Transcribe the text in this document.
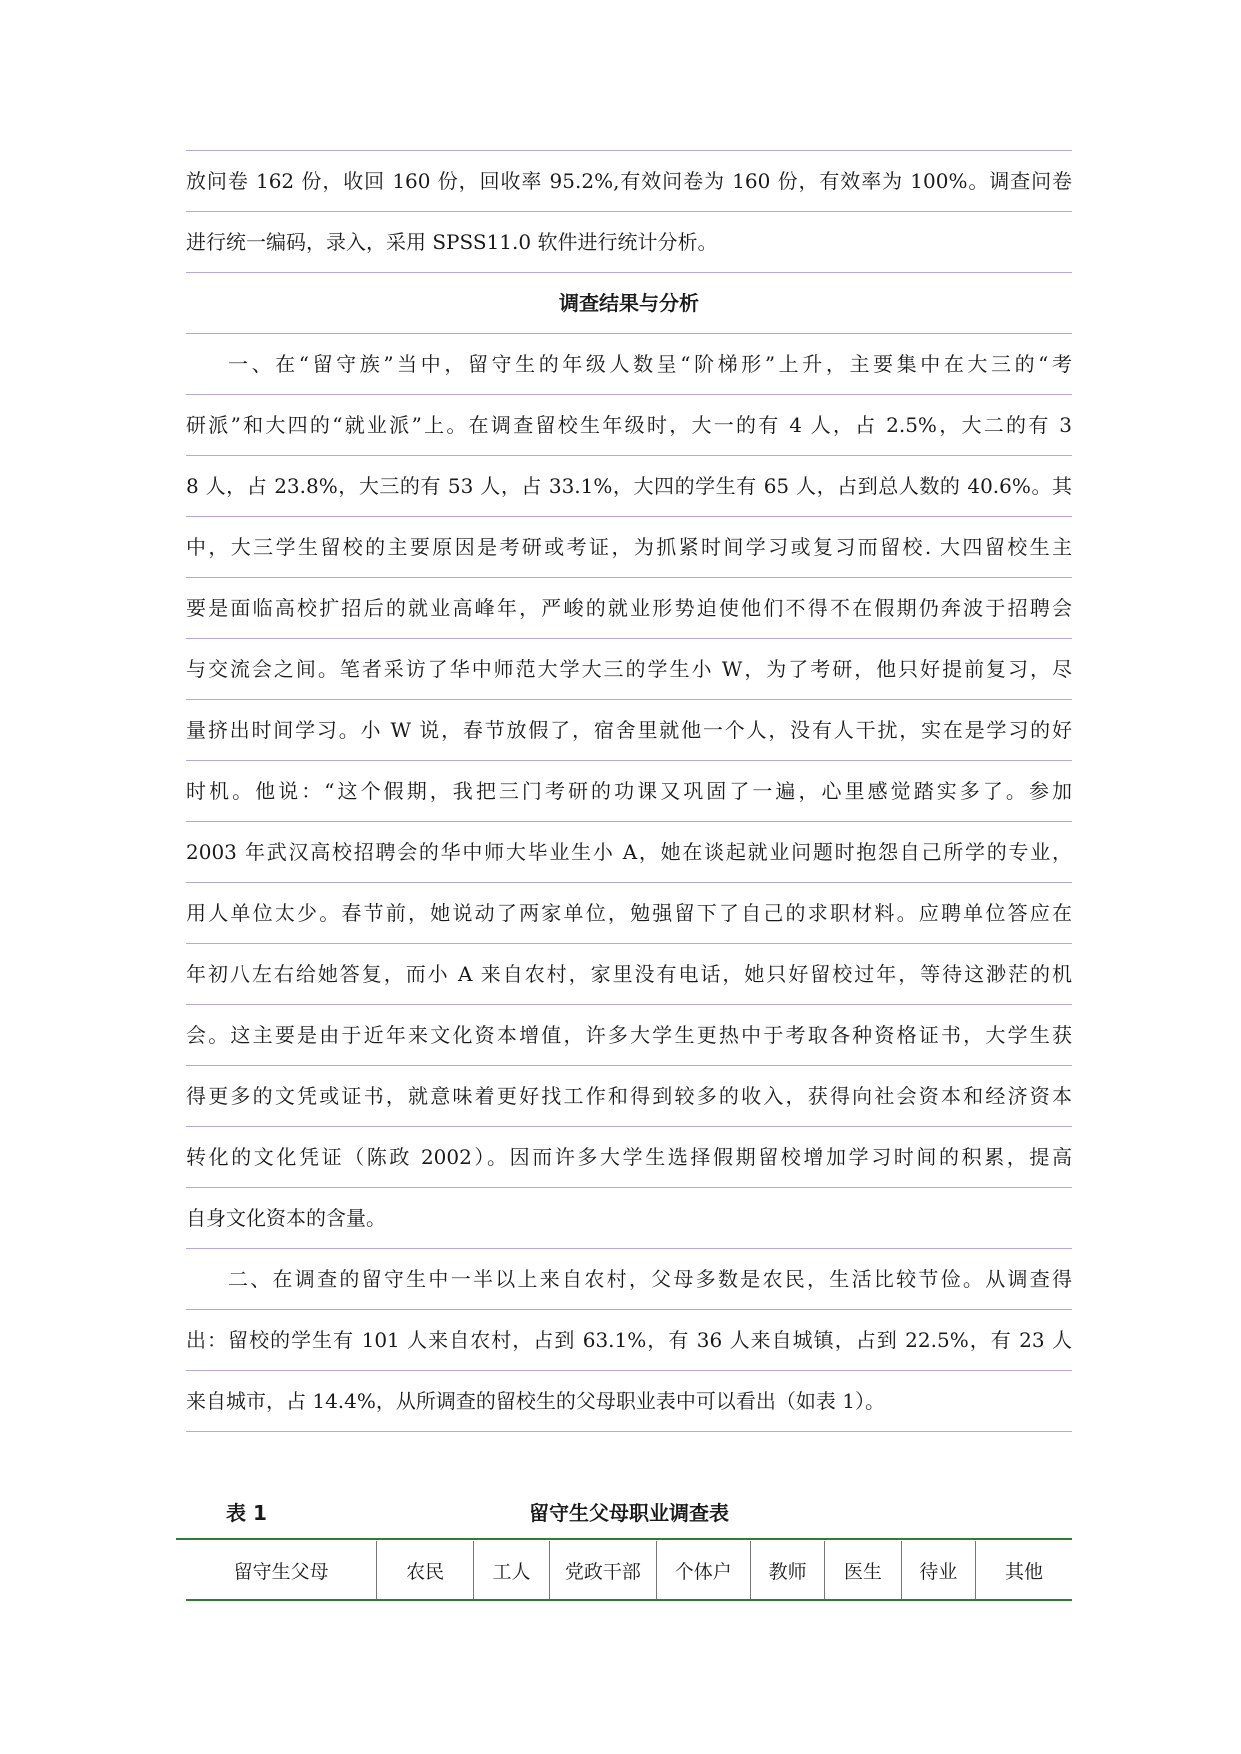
放问卷 162 份，收回 160 份，回收率 95.2%,有效问卷为 160 份，有效率为 100%。调查问卷
进行统一编码，录入，采用 SPSS11.0 软件进行统计分析。
调查结果与分析
一、在“留守族”当中，留守生的年级人数呈“阶梯形”上升，主要集中在大三的“考
研派”和大四的“就业派”上。在调查留校生年级时，大一的有 4 人，占 2.5%，大二的有 3
8 人，占 23.8%，大三的有 53 人，占 33.1%，大四的学生有 65 人，占到总人数的 40.6%。其
中，大三学生留校的主要原因是考研或考证，为抓紧时间学习或复习而留校. 大四留校生主
要是面临高校扩招后的就业高峰年，严峻的就业形势迫使他们不得不在假期仍奔波于招聘会
与交流会之间。笔者采访了华中师范大学大三的学生小 W，为了考研，他只好提前复习，尽
量挤出时间学习。小 W 说，春节放假了，宿舍里就他一个人，没有人干扰，实在是学习的好
时机。他说：“这个假期，我把三门考研的功课又巩固了一遍，心里感觉踏实多了。参加
2003 年武汉高校招聘会的华中师大毕业生小 A，她在谈起就业问题时抱怨自己所学的专业，
用人单位太少。春节前，她说动了两家单位，勉强留下了自己的求职材料。应聘单位答应在
年初八左右给她答复，而小 A 来自农村，家里没有电话，她只好留校过年，等待这渺茫的机
会。这主要是由于近年来文化资本增值，许多大学生更热中于考取各种资格证书，大学生获
得更多的文凭或证书，就意味着更好找工作和得到较多的收入，获得向社会资本和经济资本
转化的文化凭证（陈政 2002）。因而许多大学生选择假期留校增加学习时间的积累，提高
自身文化资本的含量。
二、在调查的留守生中一半以上来自农村，父母多数是农民，生活比较节俭。从调查得
出：留校的学生有 101 人来自农村，占到 63.1%，有 36 人来自城镇，占到 22.5%，有 23 人
来自城市，占 14.4%，从所调查的留校生的父母职业表中可以看出（如表 1）。
留守生父母职业调查表
表 1
留守生父母	农民	工人	党政干部	个体户	教师	医生	待业	其他
